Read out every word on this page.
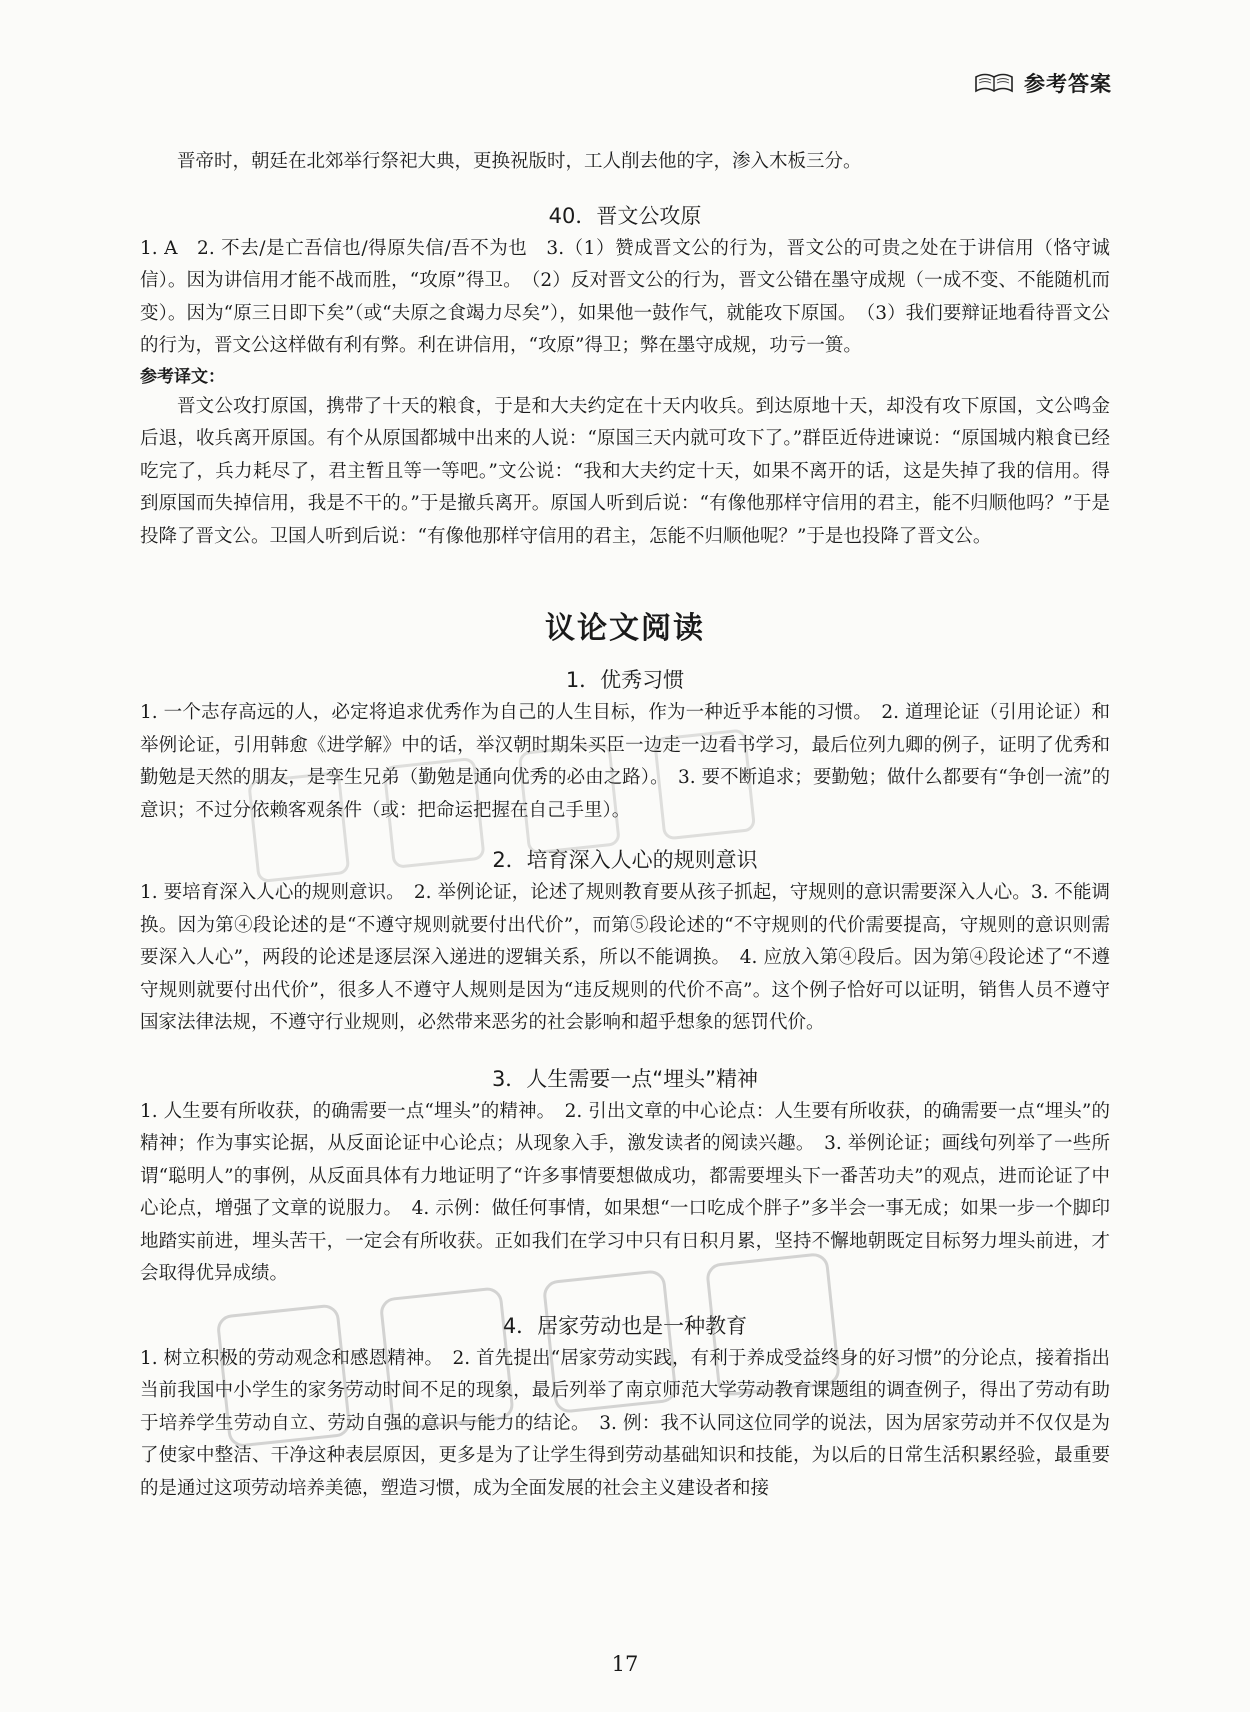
参考答案

晋帝时，朝廷在北郊举行祭祀大典，更换祝版时，工人削去他的字，渗入木板三分。

40．晋文公攻原

1. A　2. 不去/是亡吾信也/得原失信/吾不为也　3.（1）赞成晋文公的行为，晋文公的可贵之处在于讲信用（恪守诚信）。因为讲信用才能不战而胜，“攻原”得卫。　（2）反对晋文公的行为，晋文公错在墨守成规（一成不变、不能随机而变）。因为“原三日即下矣”（或“夫原之食竭力尽矣”），如果他一鼓作气，就能攻下原国。　（3）我们要辩证地看待晋文公的行为，晋文公这样做有利有弊。利在讲信用，“攻原”得卫；弊在墨守成规，功亏一篑。

参考译文：

晋文公攻打原国，携带了十天的粮食，于是和大夫约定在十天内收兵。到达原地十天，却没有攻下原国，文公鸣金后退，收兵离开原国。有个从原国都城中出来的人说：“原国三天内就可攻下了。”群臣近侍进谏说：“原国城内粮食已经吃完了，兵力耗尽了，君主暂且等一等吧。”文公说：“我和大夫约定十天，如果不离开的话，这是失掉了我的信用。得到原国而失掉信用，我是不干的。”于是撤兵离开。原国人听到后说：“有像他那样守信用的君主，能不归顺他吗？”于是投降了晋文公。卫国人听到后说：“有像他那样守信用的君主，怎能不归顺他呢？”于是也投降了晋文公。

议论文阅读
1．优秀习惯

1. 一个志存高远的人，必定将追求优秀作为自己的人生目标，作为一种近乎本能的习惯。　2. 道理论证（引用论证）和举例论证，引用韩愈《进学解》中的话，举汉朝时期朱买臣一边走一边看书学习，最后位列九卿的例子，证明了优秀和勤勉是天然的朋友，是孪生兄弟（勤勉是通向优秀的必由之路）。　3. 要不断追求；要勤勉；做什么都要有“争创一流”的意识；不过分依赖客观条件（或：把命运把握在自己手里）。

2．培育深入人心的规则意识

1. 要培育深入人心的规则意识。　2. 举例论证，论述了规则教育要从孩子抓起，守规则的意识需要深入人心。3. 不能调换。因为第④段论述的是“不遵守规则就要付出代价”，而第⑤段论述的“不守规则的代价需要提高，守规则的意识则需要深入人心”，两段的论述是逐层深入递进的逻辑关系，所以不能调换。　4. 应放入第④段后。因为第④段论述了“不遵守规则就要付出代价”，很多人不遵守人规则是因为“违反规则的代价不高”。这个例子恰好可以证明，销售人员不遵守国家法律法规，不遵守行业规则，必然带来恶劣的社会影响和超乎想象的惩罚代价。

3．人生需要一点“埋头”精神

1. 人生要有所收获，的确需要一点“埋头”的精神。　2. 引出文章的中心论点：人生要有所收获，的确需要一点“埋头”的精神；作为事实论据，从反面论证中心论点；从现象入手，激发读者的阅读兴趣。　3. 举例论证；画线句列举了一些所谓“聪明人”的事例，从反面具体有力地证明了“许多事情要想做成功，都需要埋头下一番苦功夫”的观点，进而论证了中心论点，增强了文章的说服力。　4. 示例：做任何事情，如果想“一口吃成个胖子”多半会一事无成；如果一步一个脚印地踏实前进，埋头苦干，一定会有所收获。正如我们在学习中只有日积月累，坚持不懈地朝既定目标努力埋头前进，才会取得优异成绩。

4．居家劳动也是一种教育

1. 树立积极的劳动观念和感恩精神。　2. 首先提出“居家劳动实践，有利于养成受益终身的好习惯”的分论点，接着指出当前我国中小学生的家务劳动时间不足的现象，最后列举了南京师范大学劳动教育课题组的调查例子，得出了劳动有助于培养学生劳动自立、劳动自强的意识与能力的结论。　3. 例：我不认同这位同学的说法，因为居家劳动并不仅仅是为了使家中整洁、干净这种表层原因，更多是为了让学生得到劳动基础知识和技能，为以后的日常生活积累经验，最重要的是通过这项劳动培养美德，塑造习惯，成为全面发展的社会主义建设者和接

17
